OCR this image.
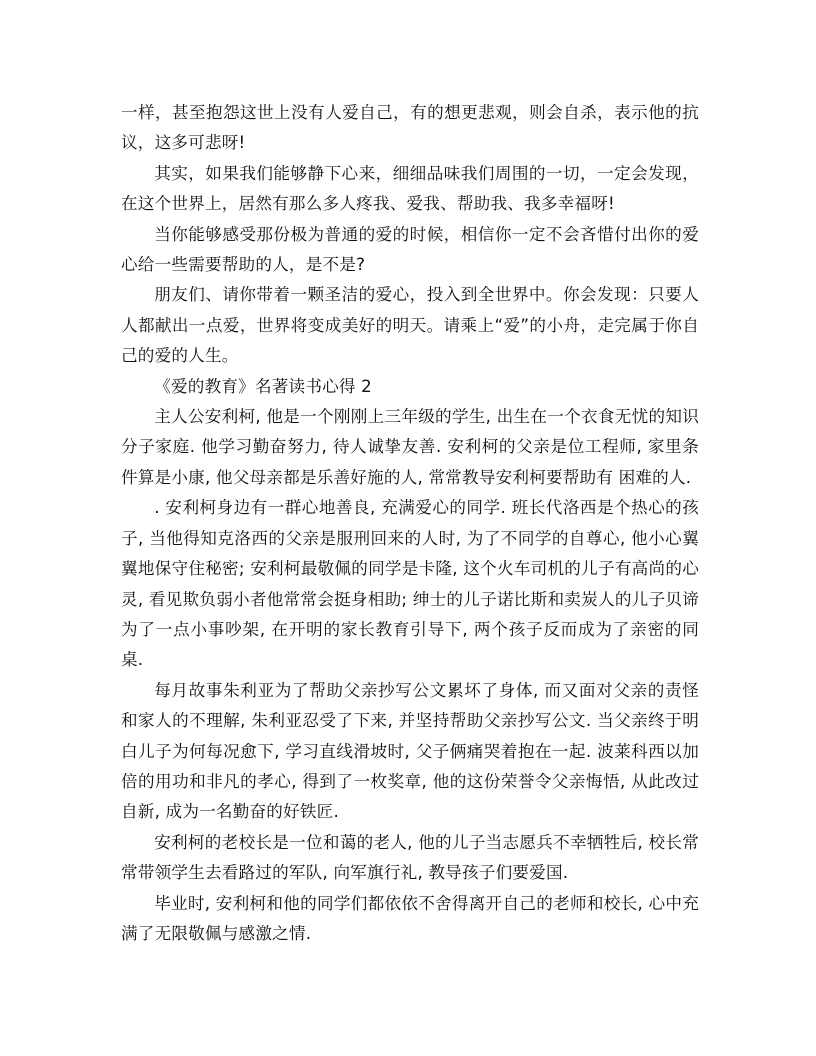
一样，甚至抱怨这世上没有人爱自己，有的想更悲观，则会自杀，表示他的抗议，这多可悲呀!

其实，如果我们能够静下心来，细细品味我们周围的一切，一定会发现，在这个世界上，居然有那么多人疼我、爱我、帮助我、我多幸福呀!

当你能够感受那份极为普通的爱的时候，相信你一定不会吝惜付出你的爱心给一些需要帮助的人，是不是?

朋友们、请你带着一颗圣洁的爱心，投入到全世界中。你会发现：只要人人都献出一点爱，世界将变成美好的明天。请乘上“爱”的小舟，走完属于你自己的爱的人生。

《爱的教育》名著读书心得 2

主人公安利柯, 他是一个刚刚上三年级的学生, 出生在一个衣食无忧的知识分子家庭. 他学习勤奋努力, 待人诚挚友善. 安利柯的父亲是位工程师, 家里条件算是小康, 他父母亲都是乐善好施的人, 常常教导安利柯要帮助有 困难的人.

. 安利柯身边有一群心地善良, 充满爱心的同学. 班长代洛西是个热心的孩子, 当他得知克洛西的父亲是服刑回来的人时, 为了不同学的自尊心, 他小心翼翼地保守住秘密; 安利柯最敬佩的同学是卡隆, 这个火车司机的儿子有高尚的心灵, 看见欺负弱小者他常常会挺身相助; 绅士的儿子诺比斯和卖炭人的儿子贝谛为了一点小事吵架, 在开明的家长教育引导下, 两个孩子反而成为了亲密的同桌.

每月故事朱利亚为了帮助父亲抄写公文累坏了身体, 而又面对父亲的责怪和家人的不理解, 朱利亚忍受了下来, 并坚持帮助父亲抄写公文. 当父亲终于明白儿子为何每况愈下, 学习直线滑坡时, 父子俩痛哭着抱在一起. 波莱科西以加倍的用功和非凡的孝心, 得到了一枚奖章, 他的这份荣誉令父亲悔悟, 从此改过自新, 成为一名勤奋的好铁匠.

安利柯的老校长是一位和蔼的老人, 他的儿子当志愿兵不幸牺牲后, 校长常常带领学生去看路过的军队, 向军旗行礼, 教导孩子们要爱国.

毕业时, 安利柯和他的同学们都依依不舍得离开自己的老师和校长, 心中充满了无限敬佩与感激之情.
